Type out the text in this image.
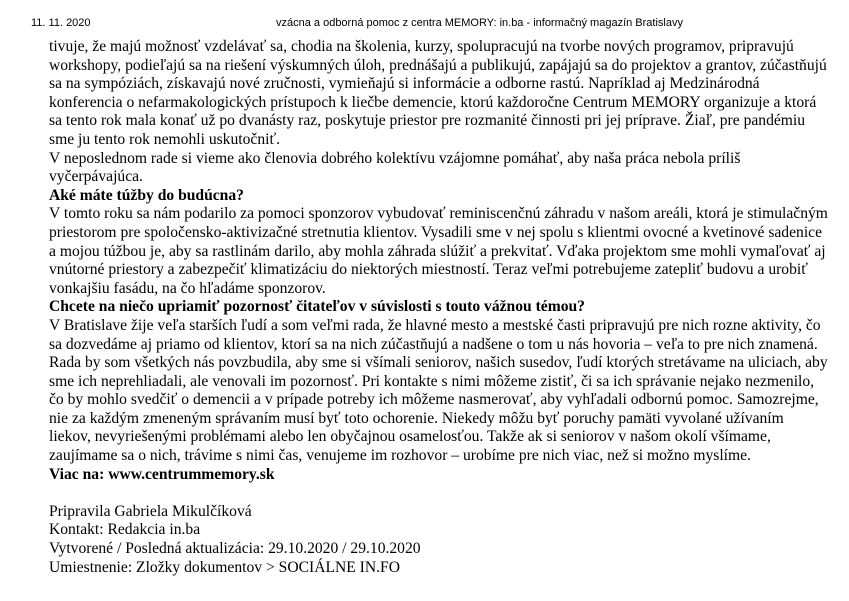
11. 11. 2020	vzácna a odborná pomoc z centra MEMORY: in.ba - informačný magazín Bratislavy

tivuje, že majú možnosť vzdelávať sa, chodia na školenia, kurzy, spolupracujú na tvorbe nových programov, pripravujú workshopy, podieľajú sa na riešení výskumných úloh, prednášajú a publikujú, zapájajú sa do projektov a grantov, zúčastňujú sa na sympóziách, získavajú nové zručnosti, vymieňajú si informácie a odborne rastú. Napríklad aj Medzinárodná konferencia o nefarmakologických prístupoch k liečbe demencie, ktorú každoročne Centrum MEMORY organizuje a ktorá sa tento rok mala konať už po dvanásty raz, poskytuje priestor pre rozmanité činnosti pri jej príprave. Žiaľ, pre pandémiu sme ju tento rok nemohli uskutočniť.

V neposlednom rade si vieme ako členovia dobrého kolektívu vzájomne pomáhať, aby naša práca nebola príliš vyčerpávajúca.

Aké máte túžby do budúcna?

V tomto roku sa nám podarilo za pomoci sponzorov vybudovať reminiscenčnú záhradu v našom areáli, ktorá je stimulačným priestorom pre spoločensko-aktivizačné stretnutia klientov. Vysadili sme v nej spolu s klientmi ovocné a kvetinové sadenice a mojou túžbou je, aby sa rastlinám darilo, aby mohla záhrada slúžiť a prekvitať. Vďaka projektom sme mohli vymaľovať aj vnútorné priestory a zabezpečiť klimatizáciu do niektorých miestností. Teraz veľmi potrebujeme zatepliť budovu a urobiť vonkajšiu fasádu, na čo hľadáme sponzorov.

Chcete na niečo upriamiť pozornosť čitateľov v súvislosti s touto vážnou témou?

V Bratislave žije veľa starších ľudí a som veľmi rada, že hlavné mesto a mestské časti pripravujú pre nich rozne aktivity, čo sa dozvedáme aj priamo od klientov, ktorí sa na nich zúčastňujú a nadšene o tom u nás hovoria – veľa to pre nich znamená. Rada by som všetkých nás povzbudila, aby sme si všímali seniorov, našich susedov, ľudí ktorých stretávame na uliciach, aby sme ich neprehliadali, ale venovali im pozornosť. Pri kontakte s nimi môžeme zistiť, či sa ich správanie nejako nezmenilo, čo by mohlo svedčiť o demencii a v prípade potreby ich môžeme nasmerovať, aby vyhľadali odbornú pomoc. Samozrejme, nie za každým zmeneným správaním musí byť toto ochorenie. Niekedy môžu byť poruchy pamäti vyvolané užívaním liekov, nevyriešenými problémami alebo len obyčajnou osamelosťou. Takže ak si seniorov v našom okolí všímame, zaujímame sa o nich, trávime s nimi čas, venujeme im rozhovor – urobíme pre nich viac, než si možno myslíme.

Viac na: www.centrummemory.sk

Pripravila Gabriela Mikulčíková

Kontakt: Redakcia in.ba

Vytvorené / Posledná aktualizácia: 29.10.2020 / 29.10.2020

Umiestnenie: Zložky dokumentov > SOCIÁLNE IN.FO
